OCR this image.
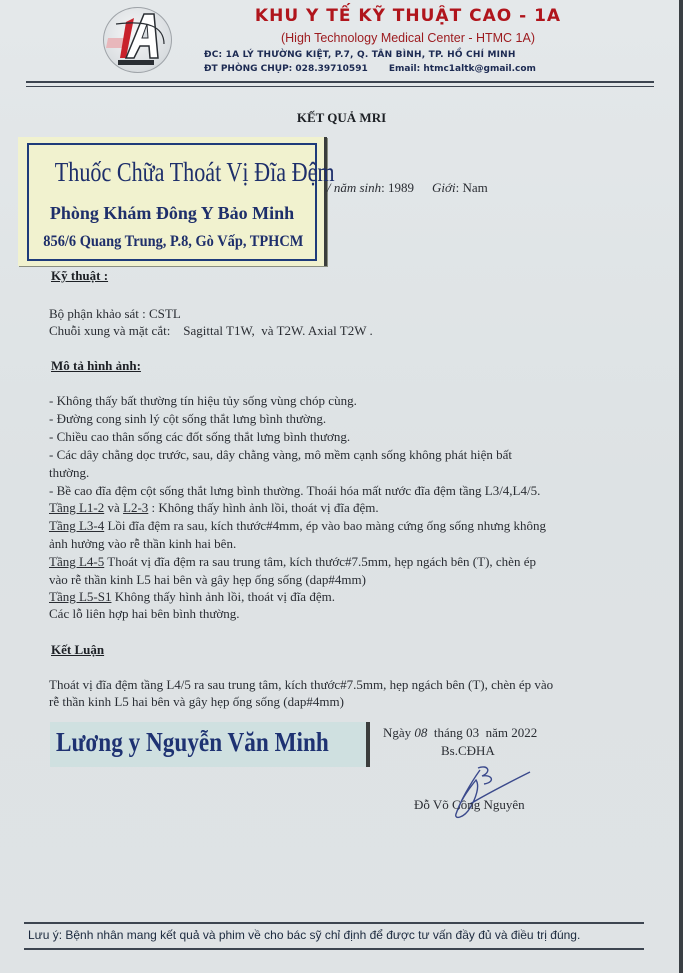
KHU Y TẾ KỸ THUẬT CAO - 1A
(High Technology Medical Center - HTMC 1A)
ĐC: 1A LÝ THƯỜNG KIỆT, P.7, Q. TÂN BÌNH, TP. HỒ CHÍ MINH
ĐT PHÒNG CHỤP: 028.39710591 Email: htmc1altk@gmail.com
KẾT QUẢ MRI
Thuốc Chữa Thoát Vị Đĩa Đệm
Phòng Khám Đông Y Bảo Minh
856/6 Quang Trung, P.8, Gò Vấp, TPHCM
/ năm sinh: 1989 Giới: Nam
Kỹ thuật :
Bộ phận khảo sát : CSTL
Chuỗi xung và mặt cắt:    Sagittal T1W,  và T2W. Axial T2W .
Mô tả hình ảnh:
- Không thấy bất thường tín hiệu tủy sống vùng chóp cùng.
- Đường cong sinh lý cột sống thắt lưng bình thường.
- Chiều cao thân sống các đốt sống thắt lưng bình thương.
- Các dây chằng dọc trước, sau, dây chằng vàng, mô mềm cạnh sống không phát hiện bất
thường.
- Bề cao đĩa đệm cột sống thắt lưng bình thường. Thoái hóa mất nước đĩa đệm tầng L3/4,L4/5.
Tầng L1-2 và L2-3 : Không thấy hình ảnh lồi, thoát vị đĩa đệm.
Tầng L3-4 Lồi đĩa đệm ra sau, kích thước#4mm, ép vào bao màng cứng ống sống nhưng không
ảnh hưởng vào rễ thần kinh hai bên.
Tầng L4-5 Thoát vị đĩa đệm ra sau trung tâm, kích thước#7.5mm, hẹp ngách bên (T), chèn ép
vào rễ thần kinh L5 hai bên và gây hẹp ống sống (dap#4mm)
Tầng L5-S1 Không thấy hình ảnh lồi, thoát vị đĩa đệm.
Các lỗ liên hợp hai bên bình thường.
Kết Luận
Thoát vị đĩa đệm tầng L4/5 ra sau trung tâm, kích thước#7.5mm, hẹp ngách bên (T), chèn ép vào
rễ thần kinh L5 hai bên và gây hẹp ống sống (dap#4mm)
Lương y Nguyễn Văn Minh	Ngày 08 tháng 03 năm 2022
Bs.CĐHA
Đỗ Võ Công Nguyên
Lưu ý: Bệnh nhân mang kết quả và phim về cho bác sỹ chỉ định để được tư vấn đầy đủ và điều trị đúng.
